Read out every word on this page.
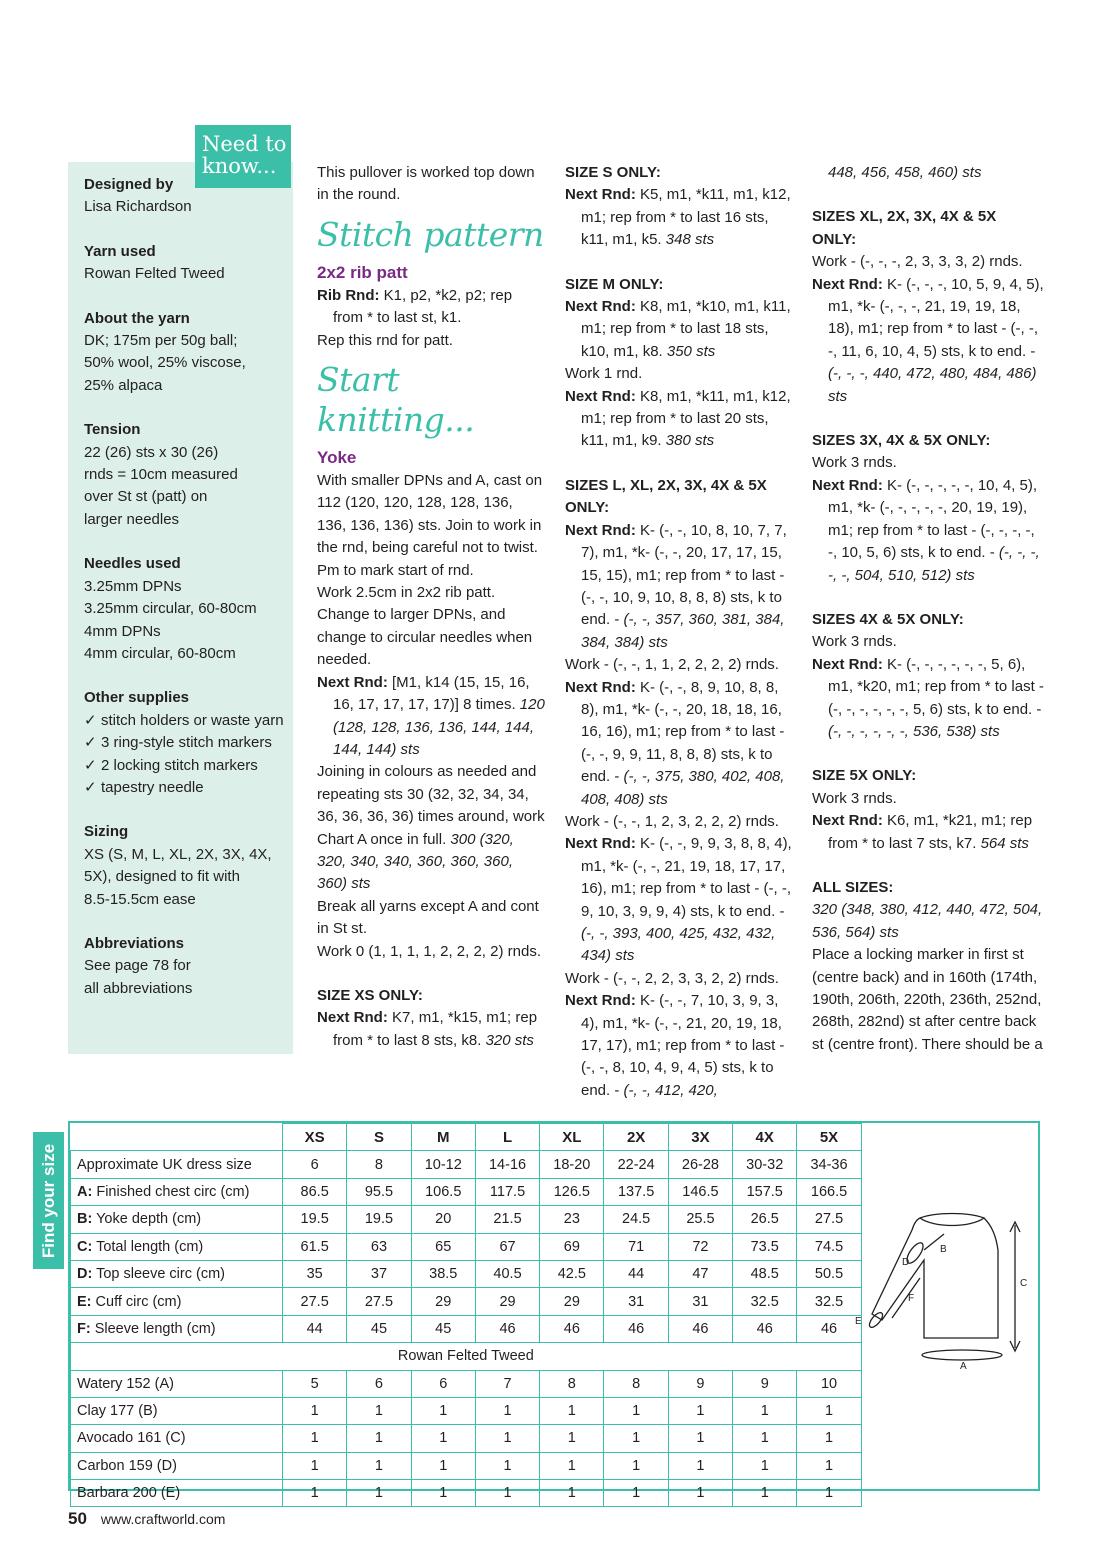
Designed by
Lisa Richardson
Yarn used
Rowan Felted Tweed
About the yarn
DK; 175m per 50g ball;
50% wool, 25% viscose,
25% alpaca
Tension
22 (26) sts x 30 (26)
rnds = 10cm measured
over St st (patt) on
larger needles
Needles used
3.25mm DPNs
3.25mm circular, 60-80cm
4mm DPNs
4mm circular, 60-80cm
Other supplies
✓ stitch holders or waste yarn
✓ 3 ring-style stitch markers
✓ 2 locking stitch markers
✓ tapestry needle
Sizing
XS (S, M, L, XL, 2X, 3X, 4X,
5X), designed to fit with
8.5-15.5cm ease
Abbreviations
See page 78 for
all abbreviations
Need to
know...	This pullover is worked top down in the round.

Stitch pattern
2x2 rib patt

Rib Rnd: K1, p2, *k2, p2; rep from * to last st, k1.

Rep this rnd for patt.

Start knitting...
Yoke

With smaller DPNs and A, cast on 112 (120, 120, 128, 128, 136, 136, 136, 136) sts. Join to work in the rnd, being careful not to twist. Pm to mark start of rnd.

Work 2.5cm in 2x2 rib patt. Change to larger DPNs, and change to circular needles when needed.

Next Rnd: [M1, k14 (15, 15, 16, 16, 17, 17, 17, 17)] 8 times. 120 (128, 128, 136, 136, 144, 144, 144, 144) sts

Joining in colours as needed and repeating sts 30 (32, 32, 34, 34, 36, 36, 36, 36) times around, work Chart A once in full. 300 (320, 320, 340, 340, 360, 360, 360, 360) sts

Break all yarns except A and cont in St st.

Work 0 (1, 1, 1, 1, 2, 2, 2, 2) rnds.

SIZE XS ONLY:

Next Rnd: K7, m1, *k15, m1; rep from * to last 8 sts, k8. 320 sts

SIZE S ONLY:

Next Rnd: K5, m1, *k11, m1, k12, m1; rep from * to last 16 sts, k11, m1, k5. 348 sts

SIZE M ONLY:

Next Rnd: K8, m1, *k10, m1, k11, m1; rep from * to last 18 sts, k10, m1, k8. 350 sts

Work 1 rnd.

Next Rnd: K8, m1, *k11, m1, k12, m1; rep from * to last 20 sts, k11, m1, k9. 380 sts

SIZES L, XL, 2X, 3X, 4X & 5X ONLY:

Next Rnd: K- (-, -, 10, 8, 10, 7, 7, 7), m1, *k- (-, -, 20, 17, 17, 15, 15, 15), m1; rep from * to last - (-, -, 10, 9, 10, 8, 8, 8) sts, k to end. - (-, -, 357, 360, 381, 384, 384, 384) sts

Work - (-, -, 1, 1, 2, 2, 2, 2) rnds.

Next Rnd: K- (-, -, 8, 9, 10, 8, 8, 8), m1, *k- (-, -, 20, 18, 18, 16, 16, 16), m1; rep from * to last - (-, -, 9, 9, 11, 8, 8, 8) sts, k to end. - (-, -, 375, 380, 402, 408, 408, 408) sts

Work - (-, -, 1, 2, 3, 2, 2, 2) rnds.

Next Rnd: K- (-, -, 9, 9, 3, 8, 8, 4), m1, *k- (-, -, 21, 19, 18, 17, 17, 16), m1; rep from * to last - (-, -, 9, 10, 3, 9, 9, 4) sts, k to end. - (-, -, 393, 400, 425, 432, 432, 434) sts

Work - (-, -, 2, 2, 3, 3, 2, 2) rnds.

Next Rnd: K- (-, -, 7, 10, 3, 9, 3, 4), m1, *k- (-, -, 21, 20, 19, 18, 17, 17), m1; rep from * to last - (-, -, 8, 10, 4, 9, 4, 5) sts, k to end. - (-, -, 412, 420,

448, 456, 458, 460) sts

SIZES XL, 2X, 3X, 4X & 5X ONLY:

Work - (-, -, -, 2, 3, 3, 3, 2) rnds.

Next Rnd: K- (-, -, -, 10, 5, 9, 4, 5), m1, *k- (-, -, -, 21, 19, 19, 18, 18), m1; rep from * to last - (-, -, -, 11, 6, 10, 4, 5) sts, k to end. - (-, -, -, 440, 472, 480, 484, 486) sts

SIZES 3X, 4X & 5X ONLY:

Work 3 rnds.

Next Rnd: K- (-, -, -, -, -, 10, 4, 5), m1, *k- (-, -, -, -, -, 20, 19, 19), m1; rep from * to last - (-, -, -, -, -, 10, 5, 6) sts, k to end. - (-, -, -, -, -, 504, 510, 512) sts

SIZES 4X & 5X ONLY:

Work 3 rnds.

Next Rnd: K- (-, -, -, -, -, -, 5, 6), m1, *k20, m1; rep from * to last - (-, -, -, -, -, -, 5, 6) sts, k to end. - (-, -, -, -, -, -, 536, 538) sts

SIZE 5X ONLY:

Work 3 rnds.

Next Rnd: K6, m1, *k21, m1; rep from * to last 7 sts, k7. 564 sts

ALL SIZES:

320 (348, 380, 412, 440, 472, 504, 536, 564) sts

Place a locking marker in first st (centre back) and in 160th (174th, 190th, 206th, 220th, 236th, 252nd, 268th, 282nd) st after centre back st (centre front). There should be a

Find your size
	XS	S	M	L	XL	2X	3X	4X	5X
Approximate UK dress size	6	8	10-12	14-16	18-20	22-24	26-28	30-32	34-36
A: Finished chest circ (cm)	86.5	95.5	106.5	117.5	126.5	137.5	146.5	157.5	166.5
B: Yoke depth (cm)	19.5	19.5	20	21.5	23	24.5	25.5	26.5	27.5
C: Total length (cm)	61.5	63	65	67	69	71	72	73.5	74.5
D: Top sleeve circ (cm)	35	37	38.5	40.5	42.5	44	47	48.5	50.5
E: Cuff circ (cm)	27.5	27.5	29	29	29	31	31	32.5	32.5
F: Sleeve length (cm)	44	45	45	46	46	46	46	46	46
Rowan Felted Tweed									
Watery 152 (A)	5	6	6	7	8	8	9	9	10
Clay 177 (B)	1	1	1	1	1	1	1	1	1
Avocado 161 (C)	1	1	1	1	1	1	1	1	1
Carbon 159 (D)	1	1	1	1	1	1	1	1	1
Barbara 200 (E)	1	1	1	1	1	1	1	1	1
A
B
C
D
E
F
50 www.craftworld.com
